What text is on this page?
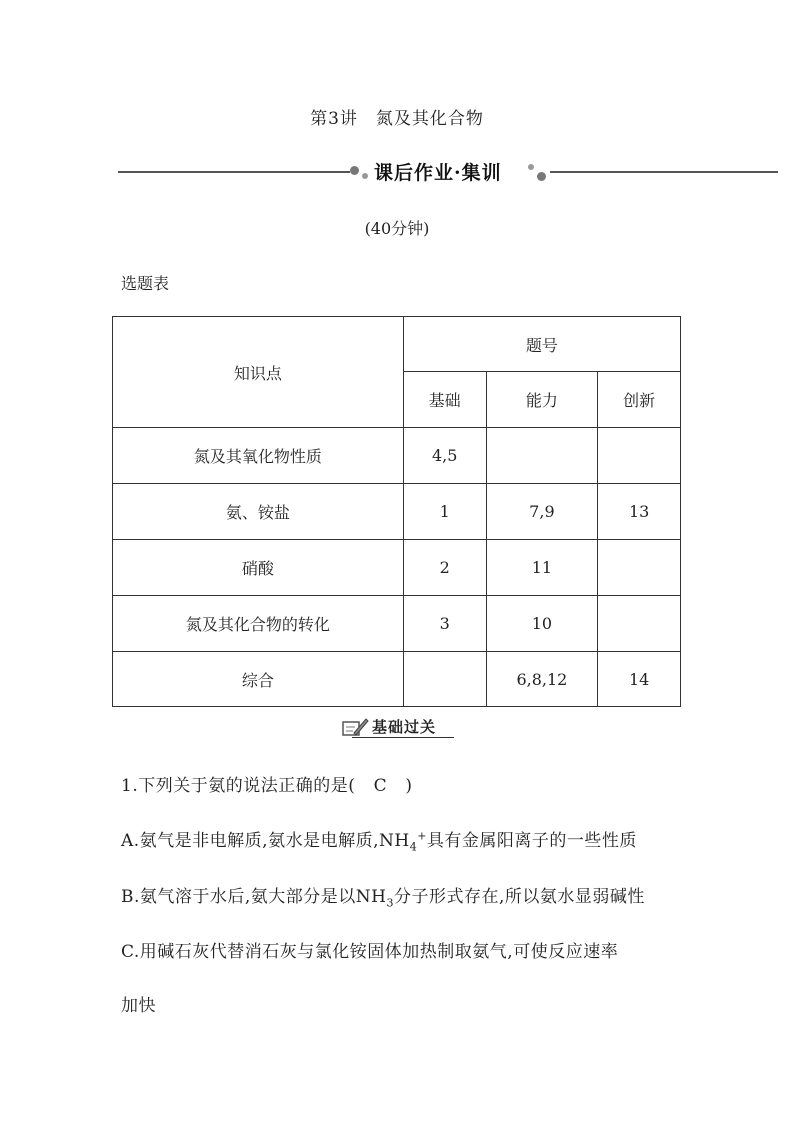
第3讲　氮及其化合物
课后作业·集训
(40分钟)
选题表
知识点	题号		
	基础	能力	创新
氮及其氧化物性质	4,5		
氨、铵盐	1	7,9	13
硝酸	2	11	
氮及其化合物的转化	3	10	
综合		6,8,12	14
基础过关
1.下列关于氨的说法正确的是( C )
A.氨气是非电解质,氨水是电解质$,NH_4^+$具有金属阳离子的一些性质
B.氨气溶于水后,氨大部分是以$NH_3$分子形式存在,所以氨水显弱碱性
C.用碱石灰代替消石灰与氯化铵固体加热制取氨气,可使反应速率
加快
